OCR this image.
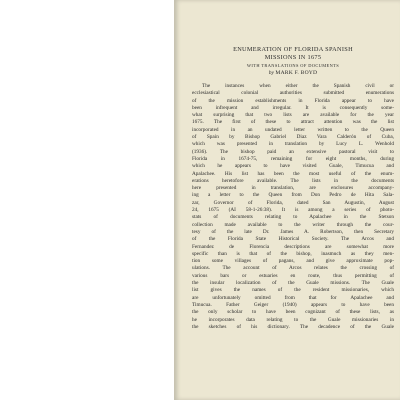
ENUMERATION OF FLORIDA SPANISH
MISSIONS IN 1675

WITH TRANSLATIONS OF DOCUMENTS

by MARK F. BOYD

The instances when either the Spanish civil or
ecclesiastical colonial authorities submitted enumerations
of the mission establishments in Florida appear to have
been infrequent and irregular. It is consequently some-
what surprising that two lists are available for the year
1675. The first of these to attract attention was the list
incorporated in an undated letter written to the Queen
of Spain by Bishop Gabriel Diaz Vara Calderón of Cuba,
which was presented in translation by Lucy L. Wenhold
(1936). The bishop paid an extensive pastoral visit to
Florida in 1674-75, remaining for eight months, during
which he appears to have visited Guale, Timucua and
Apalachee. His list has been the most useful of the enum-
erations heretofore available. The lists in the documents
here presented in translation, are enclosures accompany-
ing a letter to the Queen from Don Pedro de Hita Sala-
zar, Governor of Florida, dated San Augustin, August
24, 1675 (AI 58-1-26:38). It is among a series of photo-
stats of documents relating to Apalachee in the Stetson
collection made available to the writer through the cour-
tesy of the late Dr. James A. Robertson, then Secretary
of the Florida State Historical Society. The Arcos and
Fernandez de Florencia descriptions are somewhat more
specific than is that of the bishop, inasmuch as they men-
tion some villages of pagans, and give approximate pop-
ulations. The account of Arcos relates the crossing of
various bars or estuaries en route, thus permitting of
the insular localization of the Guale missions. The Guale
list gives the names of the resident missionaries, which
are unfortunately omitted from that for Apalachee and
Timucua. Father Geiger (1940) appears to have been
the only scholar to have been cognizant of these lists, as
he incorporates data relating to the Guale missionaries in
the sketches of his dictionary. The decadence of the Guale
